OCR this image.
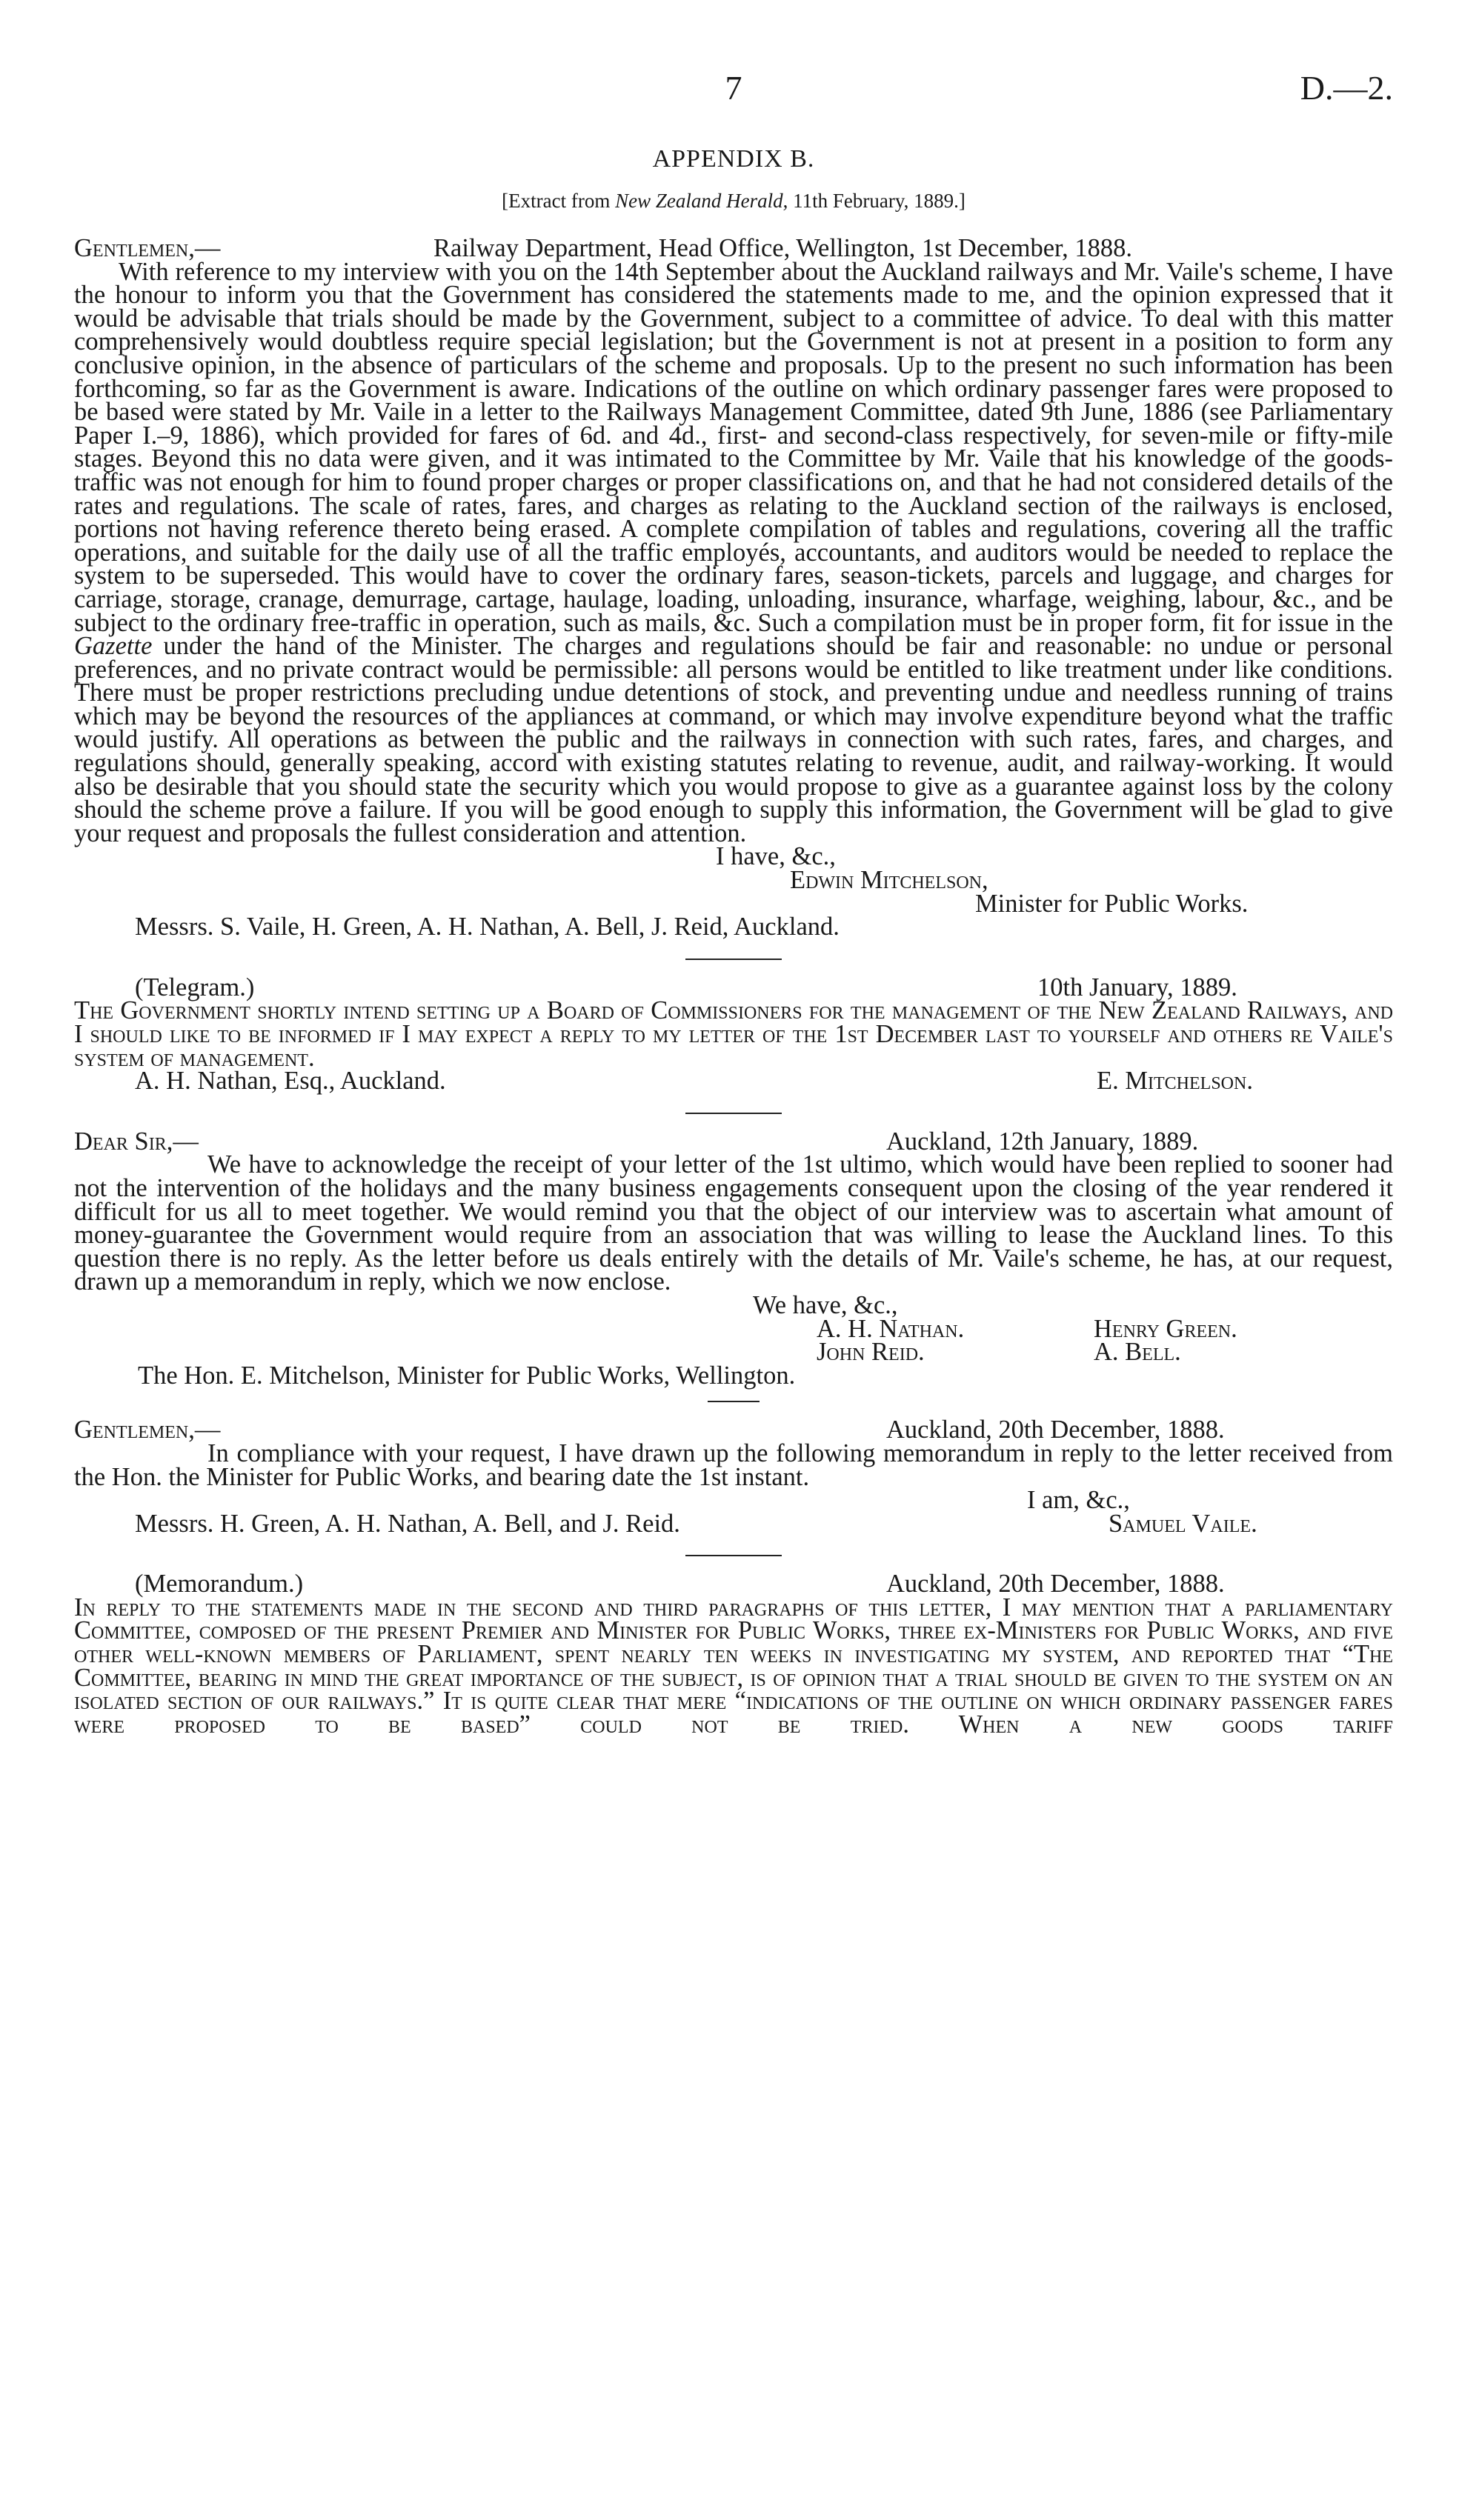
7	D.—2.
APPENDIX B.
[Extract from New Zealand Herald, 11th February, 1889.]
Gentlemen,—	Railway Department, Head Office, Wellington, 1st December, 1888.

With reference to my interview with you on the 14th September about the Auckland railways and Mr. Vaile's scheme, I have the honour to inform you that the Government has considered the statements made to me, and the opinion expressed that it would be advisable that trials should be made by the Government, subject to a committee of advice. To deal with this matter comprehensively would doubtless require special legislation; but the Government is not at present in a position to form any conclusive opinion, in the absence of particulars of the scheme and proposals. Up to the present no such information has been forthcoming, so far as the Government is aware. Indications of the outline on which ordinary passenger fares were proposed to be based were stated by Mr. Vaile in a letter to the Railways Management Committee, dated 9th June, 1886 (see Parliamentary Paper I.–9, 1886), which provided for fares of 6d. and 4d., first- and second-class respectively, for seven-mile or fifty-mile stages. Beyond this no data were given, and it was intimated to the Committee by Mr. Vaile that his knowledge of the goods-traffic was not enough for him to found proper charges or proper classifications on, and that he had not considered details of the rates and regulations. The scale of rates, fares, and charges as relating to the Auckland section of the railways is enclosed, portions not having reference thereto being erased. A complete compilation of tables and regulations, covering all the traffic operations, and suitable for the daily use of all the traffic employés, accountants, and auditors would be needed to replace the system to be superseded. This would have to cover the ordinary fares, season-tickets, parcels and luggage, and charges for carriage, storage, cranage, demurrage, cartage, haulage, loading, unloading, insurance, wharfage, weighing, labour, &c., and be subject to the ordinary free-traffic in operation, such as mails, &c. Such a compilation must be in proper form, fit for issue in the Gazette under the hand of the Minister. The charges and regulations should be fair and reasonable: no undue or personal preferences, and no private contract would be permissible: all persons would be entitled to like treatment under like conditions. There must be proper restrictions precluding undue detentions of stock, and preventing undue and needless running of trains which may be beyond the resources of the appliances at command, or which may involve expenditure beyond what the traffic would justify. All operations as between the public and the railways in connection with such rates, fares, and charges, and regulations should, generally speaking, accord with existing statutes relating to revenue, audit, and railway-working. It would also be desirable that you should state the security which you would propose to give as a guarantee against loss by the colony should the scheme prove a failure. If you will be good enough to supply this information, the Government will be glad to give your request and proposals the fullest consideration and attention.

I have, &c.,
Edwin Mitchelson,
Minister for Public Works.
Messrs. S. Vaile, H. Green, A. H. Nathan, A. Bell, J. Reid, Auckland.
(Telegram.)	10th January, 1889.

The Government shortly intend setting up a Board of Commissioners for the management of the New Zealand Railways, and I should like to be informed if I may expect a reply to my letter of the 1st December last to yourself and others re Vaile's system of management.

A. H. Nathan, Esq., Auckland.	E. Mitchelson.
Dear Sir,—	Auckland, 12th January, 1889.

We have to acknowledge the receipt of your letter of the 1st ultimo, which would have been replied to sooner had not the intervention of the holidays and the many business engagements consequent upon the closing of the year rendered it difficult for us all to meet together. We would remind you that the object of our interview was to ascertain what amount of money-guarantee the Government would require from an association that was willing to lease the Auckland lines. To this question there is no reply. As the letter before us deals entirely with the details of Mr. Vaile's scheme, he has, at our request, drawn up a memorandum in reply, which we now enclose.

We have, &c.,
A. H. Nathan.	Henry Green.
John Reid.	A. Bell.
The Hon. E. Mitchelson, Minister for Public Works, Wellington.
Gentlemen,—	Auckland, 20th December, 1888.

In compliance with your request, I have drawn up the following memorandum in reply to the letter received from the Hon. the Minister for Public Works, and bearing date the 1st instant.

I am, &c.,
Messrs. H. Green, A. H. Nathan, A. Bell, and J. Reid.	Samuel Vaile.
(Memorandum.)	Auckland, 20th December, 1888.

In reply to the statements made in the second and third paragraphs of this letter, I may mention that a parliamentary Committee, composed of the present Premier and Minister for Public Works, three ex-Ministers for Public Works, and five other well-known members of Parliament, spent nearly ten weeks in investigating my system, and reported that “The Committee, bearing in mind the great importance of the subject, is of opinion that a trial should be given to the system on an isolated section of our railways.” It is quite clear that mere “indications of the outline on which ordinary passenger fares were proposed to be based” could not be tried. When a new goods tariff
